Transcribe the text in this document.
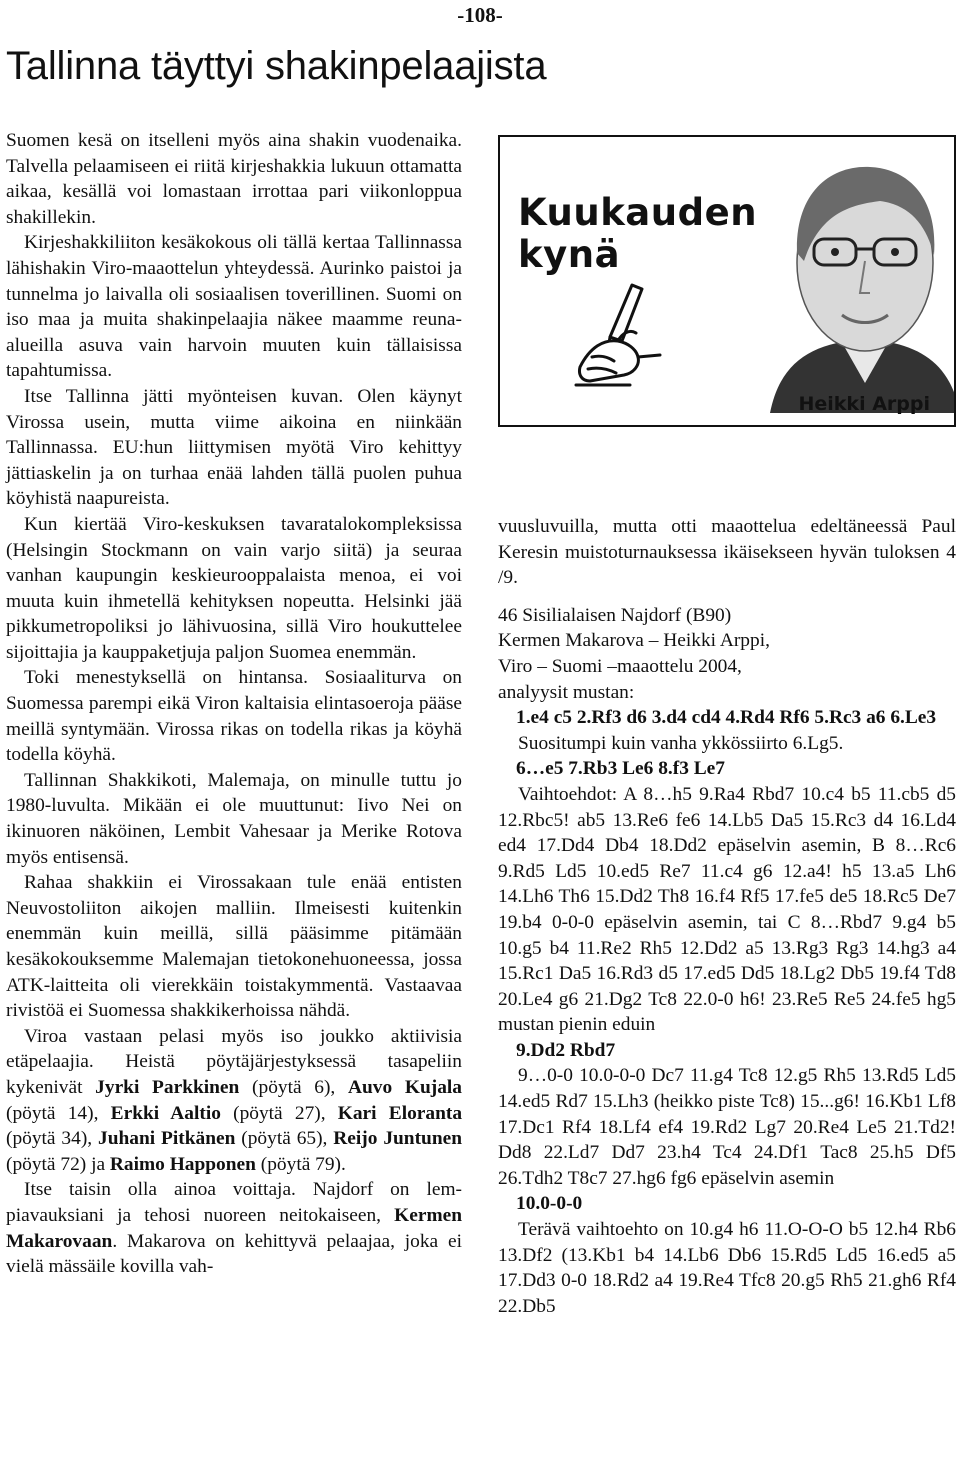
-108-
Tallinna täyttyi shakinpelaajista

Suomen kesä on itselleni myös aina shakin vuodenaika. Talvella pelaamiseen ei riitä kirjeshakkia lukuun ottamatta aikaa, kesällä voi lomastaan irrottaa pari viikonloppua shakillekin.

Kirjeshakkiliiton kesäkokous oli tällä kertaa Tallinnassa lähishakin Viro-maaottelun yhteydessä. Aurinko paistoi ja tunnelma jo laivalla oli sosiaalisen toverillinen. Suomi on iso maa ja muita shakinpelaajia näkee maamme reunaalueilla asuva vain harvoin muuten kuin tällaisissa tapahtumissa.

Itse Tallinna jätti myönteisen kuvan. Olen käynyt Virossa usein, mutta viime aikoina en niinkään Tallinnassa. EU:hun liittymisen myötä Viro kehittyy jättiaskelin ja on turhaa enää lahden tällä puolen puhua köyhistä naapureista.

Kun kiertää Viro-keskuksen tavaratalokompleksissa (Helsingin Stockmann on vain varjo siitä) ja seuraa vanhan kaupungin keskieurooppalaista menoa, ei voi muuta kuin ihmetellä kehityksen nopeutta. Helsinki jää pikkumetropoliksi jo lähivuosina, sillä Viro houkuttelee sijoittajia ja kauppaketjuja paljon Suomea enemmän.

Toki menestyksellä on hintansa. Sosiaaliturva on Suomessa parempi eikä Viron kaltaisia elintasoeroja pääse meillä syntymään. Virossa rikas on todella rikas ja köyhä todella köyhä.

Tallinnan Shakkikoti, Malemaja, on minulle tuttu jo 1980-luvulta. Mikään ei ole muuttunut: Iivo Nei on ikinuoren näköinen, Lembit Vahesaar ja Merike Rotova myös entisensä.

Rahaa shakkiin ei Virossakaan tule enää entisten Neuvostoliiton aikojen malliin. Ilmeisesti kuitenkin enemmän kuin meillä, sillä pääsimme pitämään kesäkokouksemme Malemajan tietokonehuoneessa, jossa ATK-laitteita oli vierekkäin toistakymmentä. Vastaavaa rivistöä ei Suomessa shakkikerhoissa nähdä.

Viroa vastaan pelasi myös iso joukko aktiivisia etäpelaajia. Heistä pöytäjärjestyksessä tasapeliin kykenivät Jyrki Parkkinen (pöytä 6), Auvo Kujala (pöytä 14), Erkki Aaltio (pöytä 27), Kari Eloranta (pöytä 34), Juhani Pitkänen (pöytä 65), Reijo Juntunen (pöytä 72) ja Raimo Happonen (pöytä 79).

Itse taisin olla ainoa voittaja. Najdorf on lempiavauksiani ja tehosi nuoreen neitokaiseen, Kermen Makarovaan. Makarova on kehittyvä pelaajaa, joka ei vielä mässäile kovilla vah-

Kuukauden
kynä
Heikki Arppi

vuusluvuilla, mutta otti maaottelua edeltäneessä Paul Keresin muistoturnauksessa ikäisekseen hyvän tuloksen 4 /9.

46 Sisilialaisen Najdorf (B90)

Kermen Makarova – Heikki Arppi,

Viro – Suomi –maaottelu 2004,

analyysit mustan:

1.e4 c5 2.Rf3 d6 3.d4 cd4 4.Rd4 Rf6 5.Rc3 a6 6.Le3

Suositumpi kuin vanha ykkössiirto 6.Lg5.

6…e5 7.Rb3 Le6 8.f3 Le7

Vaihtoehdot: A 8…h5 9.Ra4 Rbd7 10.c4 b5 11.cb5 d5 12.Rbc5! ab5 13.Re6 fe6 14.Lb5 Da5 15.Rc3 d4 16.Ld4 ed4 17.Dd4 Db4 18.Dd2 epäselvin asemin, B 8…Rc6 9.Rd5 Ld5 10.ed5 Re7 11.c4 g6 12.a4! h5 13.a5 Lh6 14.Lh6 Th6 15.Dd2 Th8 16.f4 Rf5 17.fe5 de5 18.Rc5 De7 19.b4 0-0-0 epäselvin asemin, tai C 8…Rbd7 9.g4 b5 10.g5 b4 11.Re2 Rh5 12.Dd2 a5 13.Rg3 Rg3 14.hg3 a4 15.Rc1 Da5 16.Rd3 d5 17.ed5 Dd5 18.Lg2 Db5 19.f4 Td8 20.Le4 g6 21.Dg2 Tc8 22.0-0 h6! 23.Re5 Re5 24.fe5 hg5 mustan pienin eduin

9.Dd2 Rbd7

9…0-0 10.0-0-0 Dc7 11.g4 Tc8 12.g5 Rh5 13.Rd5 Ld5 14.ed5 Rd7 15.Lh3 (heikko piste Tc8) 15...g6! 16.Kb1 Lf8 17.Dc1 Rf4 18.Lf4 ef4 19.Rd2 Lg7 20.Re4 Le5 21.Td2! Dd8 22.Ld7 Dd7 23.h4 Tc4 24.Df1 Tac8 25.h5 Df5 26.Tdh2 T8c7 27.hg6 fg6 epäselvin asemin

10.0-0-0

Terävä vaihtoehto on 10.g4 h6 11.O-O-O b5 12.h4 Rb6 13.Df2 (13.Kb1 b4 14.Lb6 Db6 15.Rd5 Ld5 16.ed5 a5 17.Dd3 0-0 18.Rd2 a4 19.Re4 Tfc8 20.g5 Rh5 21.gh6 Rf4 22.Db5
